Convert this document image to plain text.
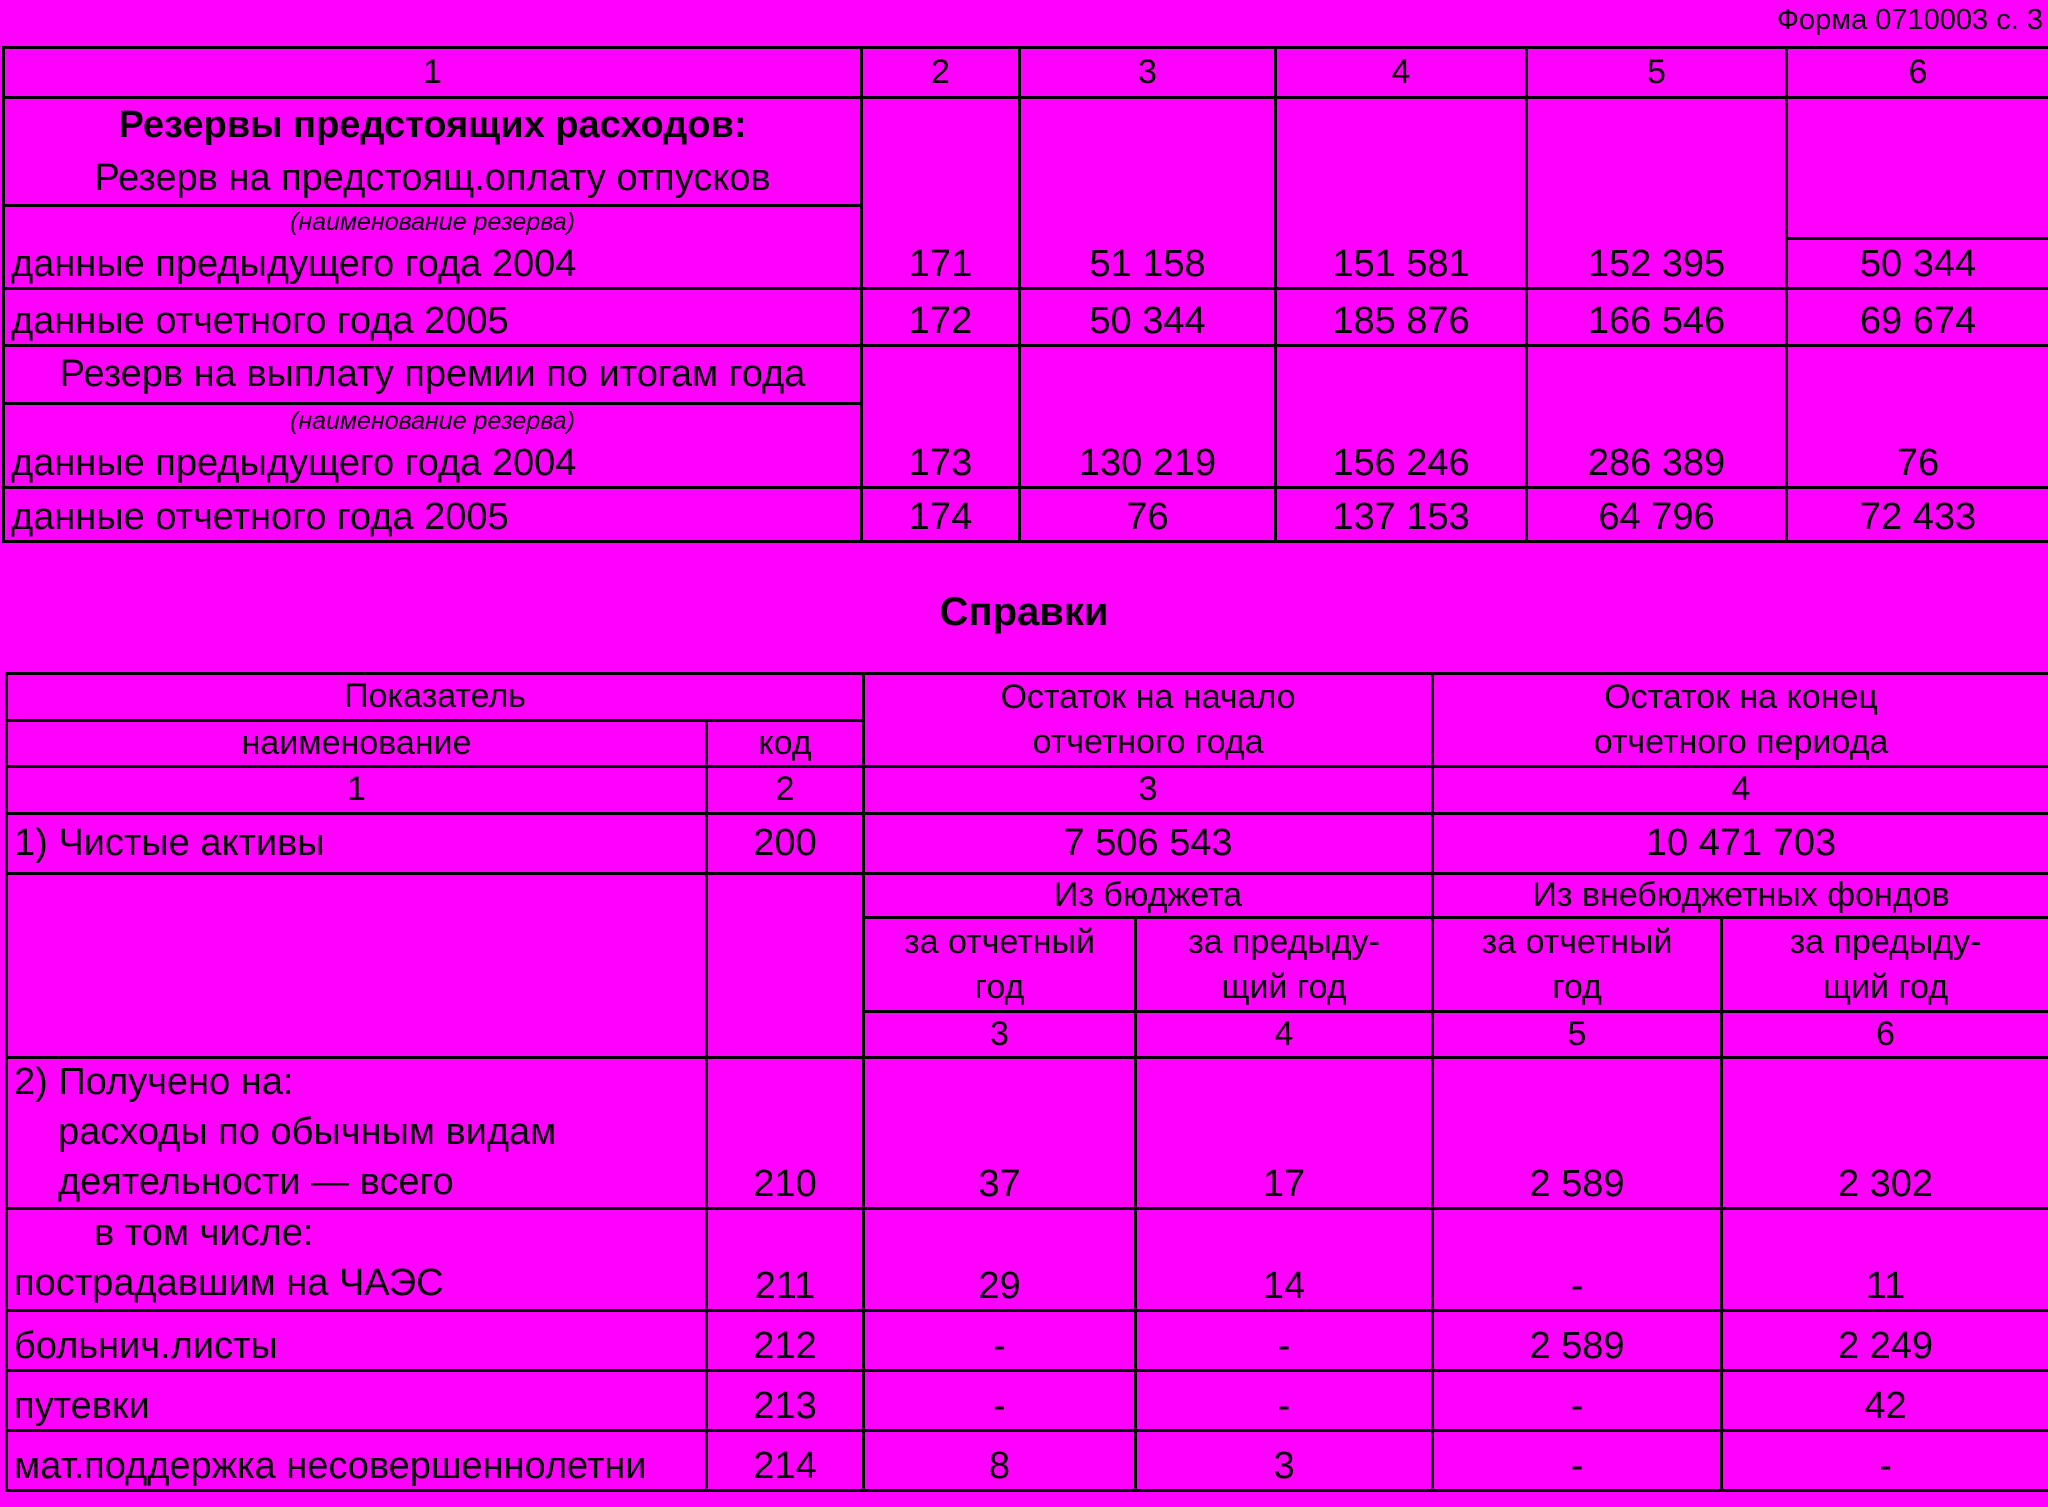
Форма 0710003 с. 3
1	2	3	4	5	6
Резервы предстоящих расходов:					
Резерв на предстоящ.оплату отпусков					
(наименование резерва)					
данные предыдущего года 2004	171	51 158	151 581	152 395	50 344
данные отчетного года 2005	172	50 344	185 876	166 546	69 674
Резерв на выплату премии по итогам года					
(наименование резерва)					
данные предыдущего года 2004	173	130 219	156 246	286 389	76
данные отчетного года 2005	174	76	137 153	64 796	72 433
Справки
Показатель		Остаток на начало		Остаток на конец	
наименование	код	отчетного года		отчетного периода	
1	2	3		4	
1) Чистые активы	200	7 506 543		10 471 703	
		Из бюджета		Из внебюджетных фондов	
		за отчетный	за предыду-	за отчетный	за предыду-
		год	щий год	год	щий год
		3	4	5	6

2) Получено на:
расходы по обычным видам
деятельности — всего	210	37	17	2 589	2 302

в том числе:
пострадавшим на ЧАЭС	211	29	14	-	11
больнич.листы	212	-	-	2 589	2 249
путевки	213	-	-	-	42
мат.поддержка несовершеннолетни	214	8	3	-	-
